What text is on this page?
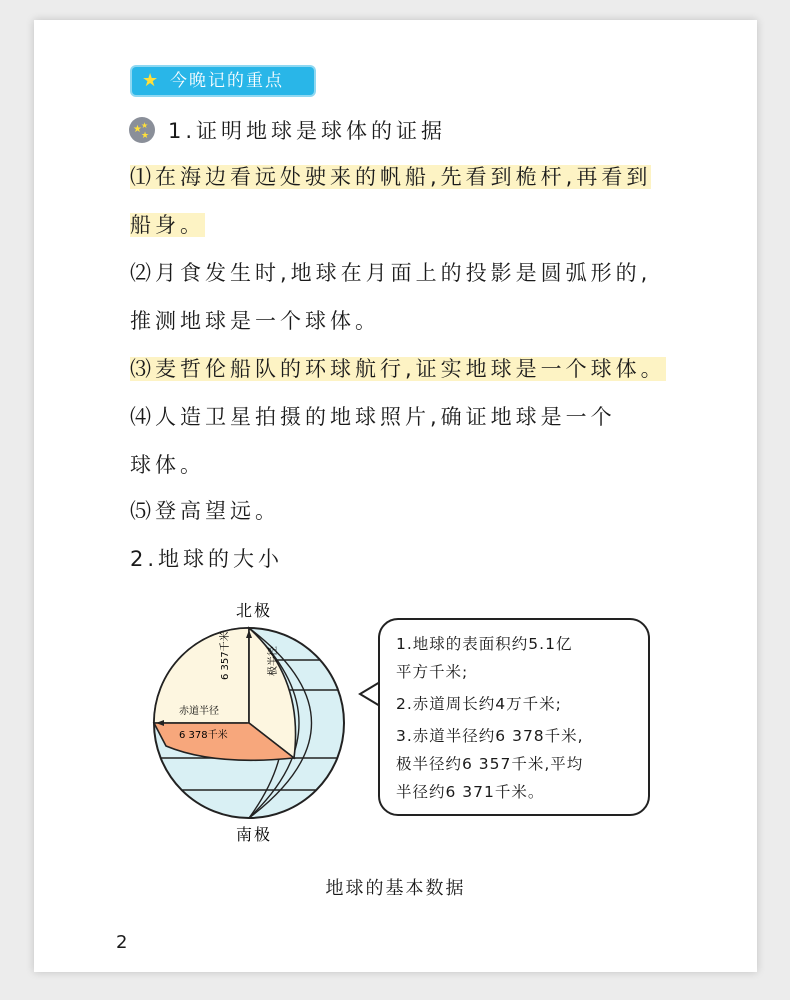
★ 今晚记的重点
★
★
★ 1.证明地球是球体的证据
⑴在海边看远处驶来的帆船,先看到桅杆,再看到
船身。
⑵月食发生时,地球在月面上的投影是圆弧形的,
推测地球是一个球体。
⑶麦哲伦船队的环球航行,证实地球是一个球体。
⑷人造卫星拍摄的地球照片,确证地球是一个
球体。
⑸登高望远。
2.地球的大小
北极
南极
6 357千米	极半径
赤道半径
6 378千米
1.地球的表面积约5.1亿
平方千米;
2.赤道周长约4万千米;
3.赤道半径约6 378千米,
极半径约6 357千米,平均
半径约6 371千米。
地球的基本数据
2
